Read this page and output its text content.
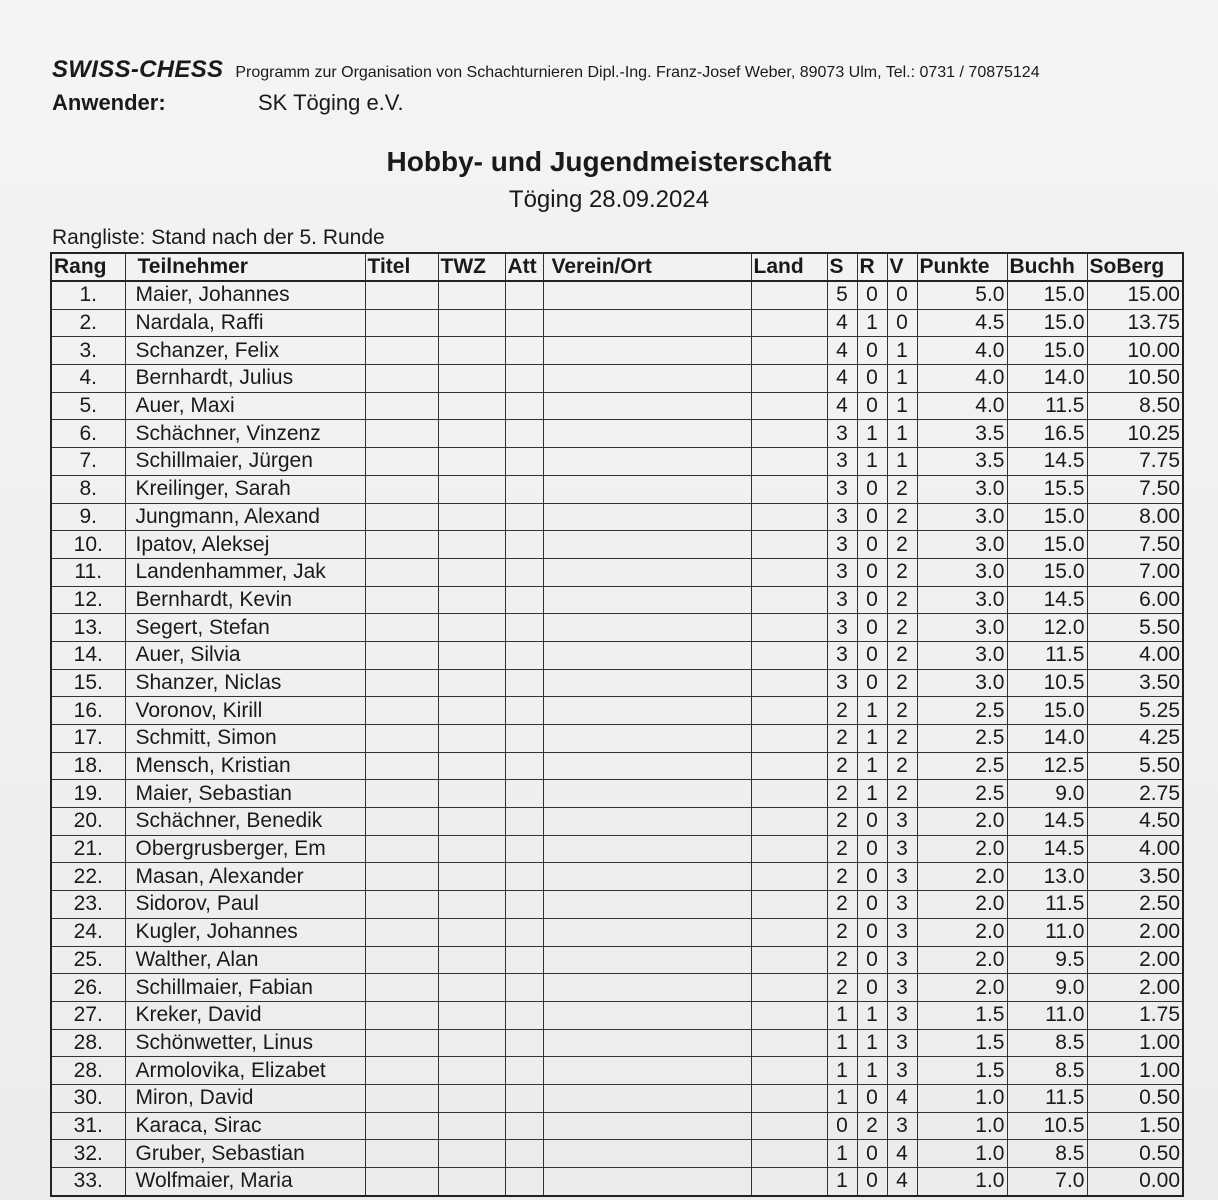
SWISS-CHESS Programm zur Organisation von Schachturnieren Dipl.-Ing. Franz-Josef Weber, 89073 Ulm, Tel.: 0731 / 70875124
Anwender:	SK Töging e.V.
Hobby- und Jugendmeisterschaft
Töging 28.09.2024
Rangliste: Stand nach der 5. Runde
Rang	Teilnehmer	Titel	TWZ	Att	Verein/Ort	Land	S	R	V	Punkte	Buchh	SoBerg
1.	Maier, Johannes						5	0	0	5.0	15.0	15.00
2.	Nardala, Raffi						4	1	0	4.5	15.0	13.75
3.	Schanzer, Felix						4	0	1	4.0	15.0	10.00
4.	Bernhardt, Julius						4	0	1	4.0	14.0	10.50
5.	Auer, Maxi						4	0	1	4.0	11.5	8.50
6.	Schächner, Vinzenz						3	1	1	3.5	16.5	10.25
7.	Schillmaier, Jürgen						3	1	1	3.5	14.5	7.75
8.	Kreilinger, Sarah						3	0	2	3.0	15.5	7.50
9.	Jungmann, Alexand						3	0	2	3.0	15.0	8.00
10.	Ipatov, Aleksej						3	0	2	3.0	15.0	7.50
11.	Landenhammer, Jak						3	0	2	3.0	15.0	7.00
12.	Bernhardt, Kevin						3	0	2	3.0	14.5	6.00
13.	Segert, Stefan						3	0	2	3.0	12.0	5.50
14.	Auer, Silvia						3	0	2	3.0	11.5	4.00
15.	Shanzer, Niclas						3	0	2	3.0	10.5	3.50
16.	Voronov, Kirill						2	1	2	2.5	15.0	5.25
17.	Schmitt, Simon						2	1	2	2.5	14.0	4.25
18.	Mensch, Kristian						2	1	2	2.5	12.5	5.50
19.	Maier, Sebastian						2	1	2	2.5	9.0	2.75
20.	Schächner, Benedik						2	0	3	2.0	14.5	4.50
21.	Obergrusberger, Em						2	0	3	2.0	14.5	4.00
22.	Masan, Alexander						2	0	3	2.0	13.0	3.50
23.	Sidorov, Paul						2	0	3	2.0	11.5	2.50
24.	Kugler, Johannes						2	0	3	2.0	11.0	2.00
25.	Walther, Alan						2	0	3	2.0	9.5	2.00
26.	Schillmaier, Fabian						2	0	3	2.0	9.0	2.00
27.	Kreker, David						1	1	3	1.5	11.0	1.75
28.	Schönwetter, Linus						1	1	3	1.5	8.5	1.00
28.	Armolovika, Elizabet						1	1	3	1.5	8.5	1.00
30.	Miron, David						1	0	4	1.0	11.5	0.50
31.	Karaca, Sirac						0	2	3	1.0	10.5	1.50
32.	Gruber, Sebastian						1	0	4	1.0	8.5	0.50
33.	Wolfmaier, Maria						1	0	4	1.0	7.0	0.00
